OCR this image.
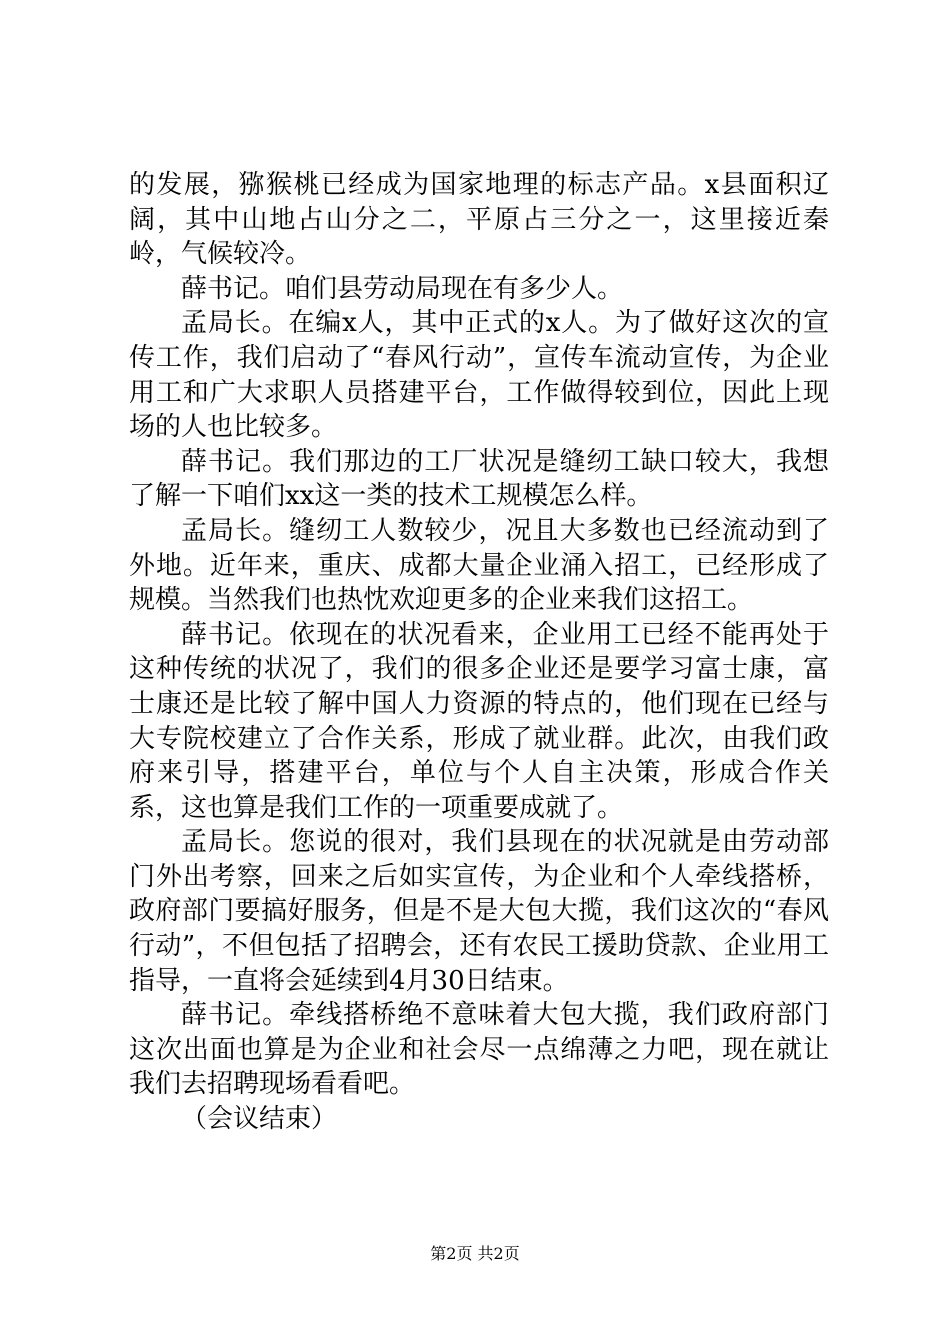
的发展，猕猴桃已经成为国家地理的标志产品。x县面积辽阔，其中山地占山分之二，平原占三分之一，这里接近秦岭，气候较冷。

薛书记。咱们县劳动局现在有多少人。

孟局长。在编x人，其中正式的x人。为了做好这次的宣传工作，我们启动了“春风行动”，宣传车流动宣传，为企业用工和广大求职人员搭建平台，工作做得较到位，因此上现场的人也比较多。

薛书记。我们那边的工厂状况是缝纫工缺口较大，我想了解一下咱们xx这一类的技术工规模怎么样。

孟局长。缝纫工人数较少，况且大多数也已经流动到了外地。近年来，重庆、成都大量企业涌入招工，已经形成了规模。当然我们也热忱欢迎更多的企业来我们这招工。

薛书记。依现在的状况看来，企业用工已经不能再处于这种传统的状况了，我们的很多企业还是要学习富士康，富士康还是比较了解中国人力资源的特点的，他们现在已经与大专院校建立了合作关系，形成了就业群。此次，由我们政府来引导，搭建平台，单位与个人自主决策，形成合作关系，这也算是我们工作的一项重要成就了。

孟局长。您说的很对，我们县现在的状况就是由劳动部门外出考察，回来之后如实宣传，为企业和个人牵线搭桥，政府部门要搞好服务，但是不是大包大揽，我们这次的“春风行动”，不但包括了招聘会，还有农民工援助贷款、企业用工指导，一直将会延续到4月30日结束。

薛书记。牵线搭桥绝不意味着大包大揽，我们政府部门这次出面也算是为企业和社会尽一点绵薄之力吧，现在就让我们去招聘现场看看吧。

（会议结束）

第2页 共2页
